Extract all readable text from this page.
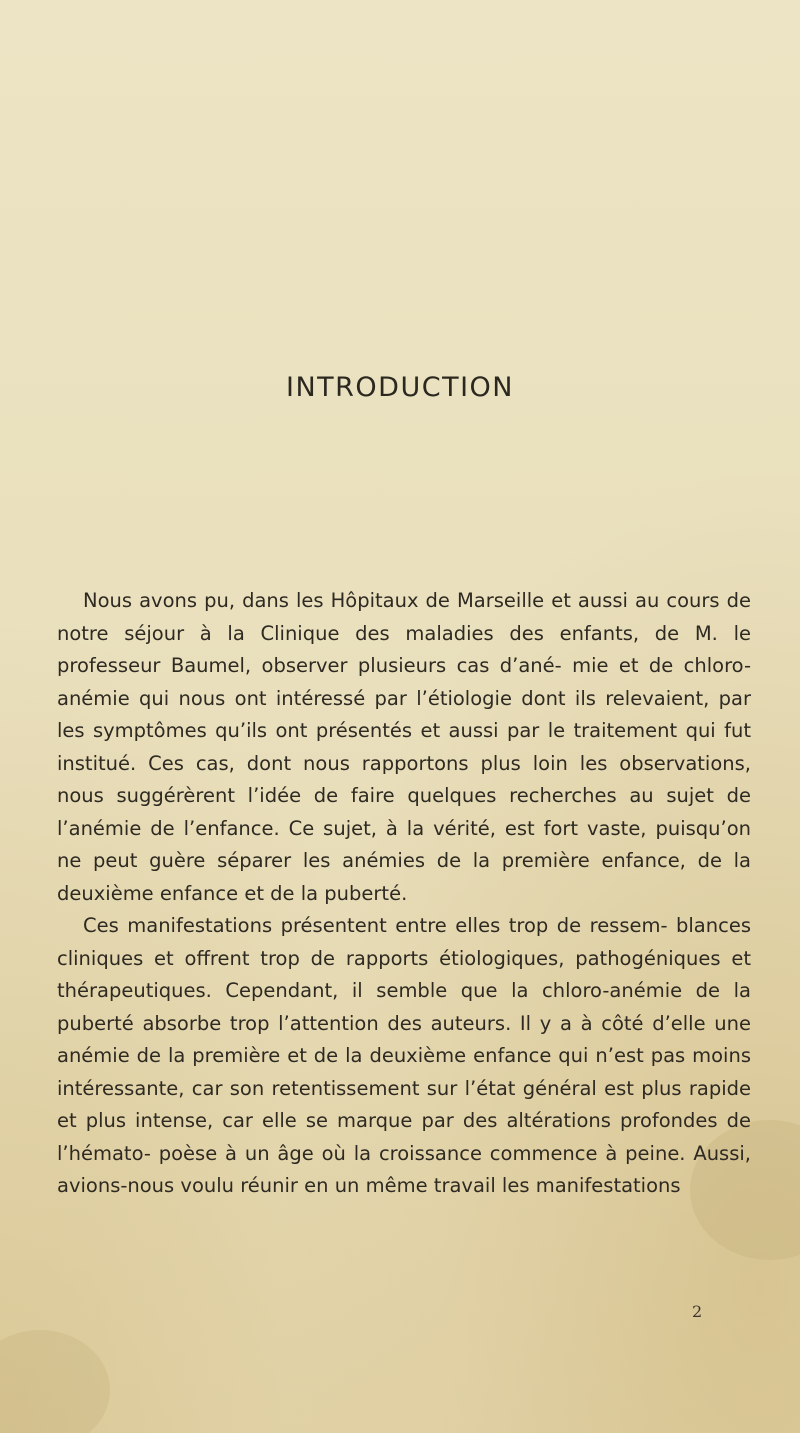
INTRODUCTION

Nous avons pu, dans les Hôpitaux de Marseille et aussi au cours de notre séjour à la Clinique des maladies des enfants, de M. le professeur Baumel, observer plusieurs cas d’ané- mie et de chloro-anémie qui nous ont intéressé par l’étiologie dont ils relevaient, par les symptômes qu’ils ont présentés et aussi par le traitement qui fut institué. Ces cas, dont nous rapportons plus loin les observations, nous suggérèrent l’idée de faire quelques recherches au sujet de l’anémie de l’enfance. Ce sujet, à la vérité, est fort vaste, puisqu’on ne peut guère séparer les anémies de la première enfance, de la deuxième enfance et de la puberté.

Ces manifestations présentent entre elles trop de ressem- blances cliniques et offrent trop de rapports étiologiques, pathogéniques et thérapeutiques. Cependant, il semble que la chloro-anémie de la puberté absorbe trop l’attention des auteurs. Il y a à côté d’elle une anémie de la première et de la deuxième enfance qui n’est pas moins intéressante, car son retentissement sur l’état général est plus rapide et plus intense, car elle se marque par des altérations profondes de l’hémato- poèse à un âge où la croissance commence à peine. Aussi, avions-nous voulu réunir en un même travail les manifestations

2
